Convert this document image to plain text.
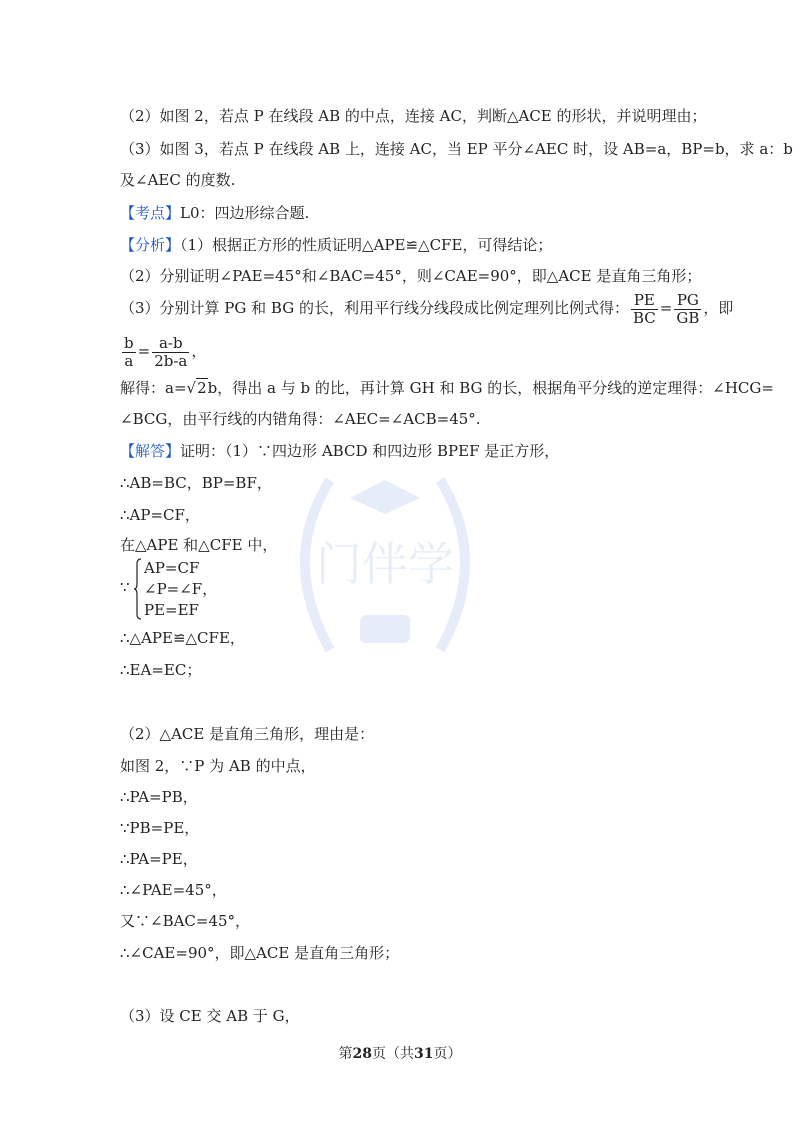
门伴学
（2）如图 2，若点 P 在线段 AB 的中点，连接 AC，判断△ACE 的形状，并说明理由；
（3）如图 3，若点 P 在线段 AB 上，连接 AC，当 EP 平分∠AEC 时，设 AB=a，BP=b，求 a：b
及∠AEC 的度数.
【考点】L0：四边形综合题.
【分析】（1）根据正方形的性质证明△APE≌△CFE，可得结论；
（2）分别证明∠PAE=45°和∠BAC=45°，则∠CAE=90°，即△ACE 是直角三角形；
（3）分别计算 PG 和 BG 的长，利用平行线分线段成比例定理列比例式得： $\frac{PE}{BC} = \frac{PG}{GB}$ ，即
$\frac{b}{a} = \frac{a-b}{2b-a}$ ，
解得：a=√2b，得出 a 与 b 的比，再计算 GH 和 BG 的长，根据角平分线的逆定理得：∠HCG=
∠BCG，由平行线的内错角得：∠AEC=∠ACB=45°.
【解答】证明：（1）∵四边形 ABCD 和四边形 BPEF 是正方形，
∴AB=BC，BP=BF，
∴AP=CF，
在△APE 和△CFE 中，
∵
AP=CF
∠P=∠F，
PE=EF
∴△APE≌△CFE，
∴EA=EC；
（2）△ACE 是直角三角形，理由是：
如图 2，∵P 为 AB 的中点，
∴PA=PB，
∵PB=PE，
∴PA=PE，
∴∠PAE=45°，
又∵∠BAC=45°，
∴∠CAE=90°，即△ACE 是直角三角形；
（3）设 CE 交 AB 于 G，
第28页（共31页）
